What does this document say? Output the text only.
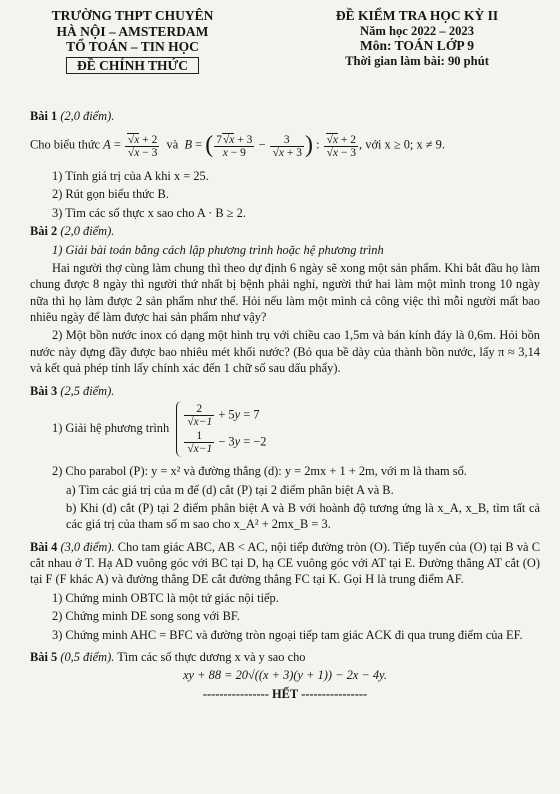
TRƯỜNG THPT CHUYÊN
HÀ NỘI – AMSTERDAM
TỔ TOÁN – TIN HỌC
ĐỀ CHÍNH THỨC
ĐỀ KIỂM TRA HỌC KỲ II
Năm học 2022 – 2023
Môn: TOÁN LỚP 9
Thời gian làm bài: 90 phút

Bài 1 (2,0 điểm).

Cho biểu thức $A = \frac{√x + 2}{√x - 3}$ và  B = ( $\frac{7√x + 3}{x - 9} - \frac{3}{√x + 3}$ ) : $\frac{√x + 2}{√x - 3}$ , với x ≥ 0; x ≠ 9.

1) Tính giá trị của A khi x = 25.

2) Rút gọn biểu thức B.

3) Tìm các số thực x sao cho A · B ≥ 2.

Bài 2 (2,0 điểm).

1) Giải bài toán bằng cách lập phương trình hoặc hệ phương trình

Hai người thợ cùng làm chung thì theo dự định 6 ngày sẽ xong một sản phẩm. Khi bắt đầu họ làm chung được 8 ngày thì người thứ nhất bị bệnh phải nghỉ, người thứ hai làm một mình trong 10 ngày nữa thì họ làm được 2 sản phẩm như thế. Hỏi nếu làm một mình cả công việc thì mỗi người mất bao nhiêu ngày để làm được hai sản phẩm như vậy?

2) Một bồn nước inox có dạng một hình trụ với chiều cao 1,5m và bán kính đáy là 0,6m. Hỏi bồn nước này đựng đầy được bao nhiêu mét khối nước? (Bỏ qua bề dày của thành bồn nước, lấy π ≈ 3,14 và kết quả phép tính lấy chính xác đến 1 chữ số sau dấu phẩy).

Bài 3 (2,5 điểm).

1) Giải hệ phương trình $\frac{2}{√x-1} + 5y = 7$
$\frac{1}{√x-1} - 3y = -2$

2) Cho parabol (P): y = x² và đường thẳng (d): y = 2mx + 1 + 2m, với m là tham số.

a) Tìm các giá trị của m để (d) cắt (P) tại 2 điểm phân biệt A và B.

b) Khi (d) cắt (P) tại 2 điểm phân biệt A và B với hoành độ tương ứng là x_A, x_B, tìm tất cả các giá trị của tham số m sao cho x_A² + 2mx_B = 3.

Bài 4 (3,0 điểm). Cho tam giác ABC, AB < AC, nội tiếp đường tròn (O). Tiếp tuyến của (O) tại B và C cắt nhau ở T. Hạ AD vuông góc với BC tại D, hạ CE vuông góc với AT tại E. Đường thẳng AT cắt (O) tại F (F khác A) và đường thẳng DE cắt đường thẳng FC tại K. Gọi H là trung điểm AF.

1) Chứng minh OBTC là một tứ giác nội tiếp.

2) Chứng minh DE song song với BF.

3) Chứng minh AHC = BFC và đường tròn ngoại tiếp tam giác ACK đi qua trung điểm của EF.

Bài 5 (0,5 điểm). Tìm các số thực dương x và y sao cho

xy + 88 = 20√((x + 3)(y + 1)) − 2x − 4y.

---------------- HẾT ----------------
